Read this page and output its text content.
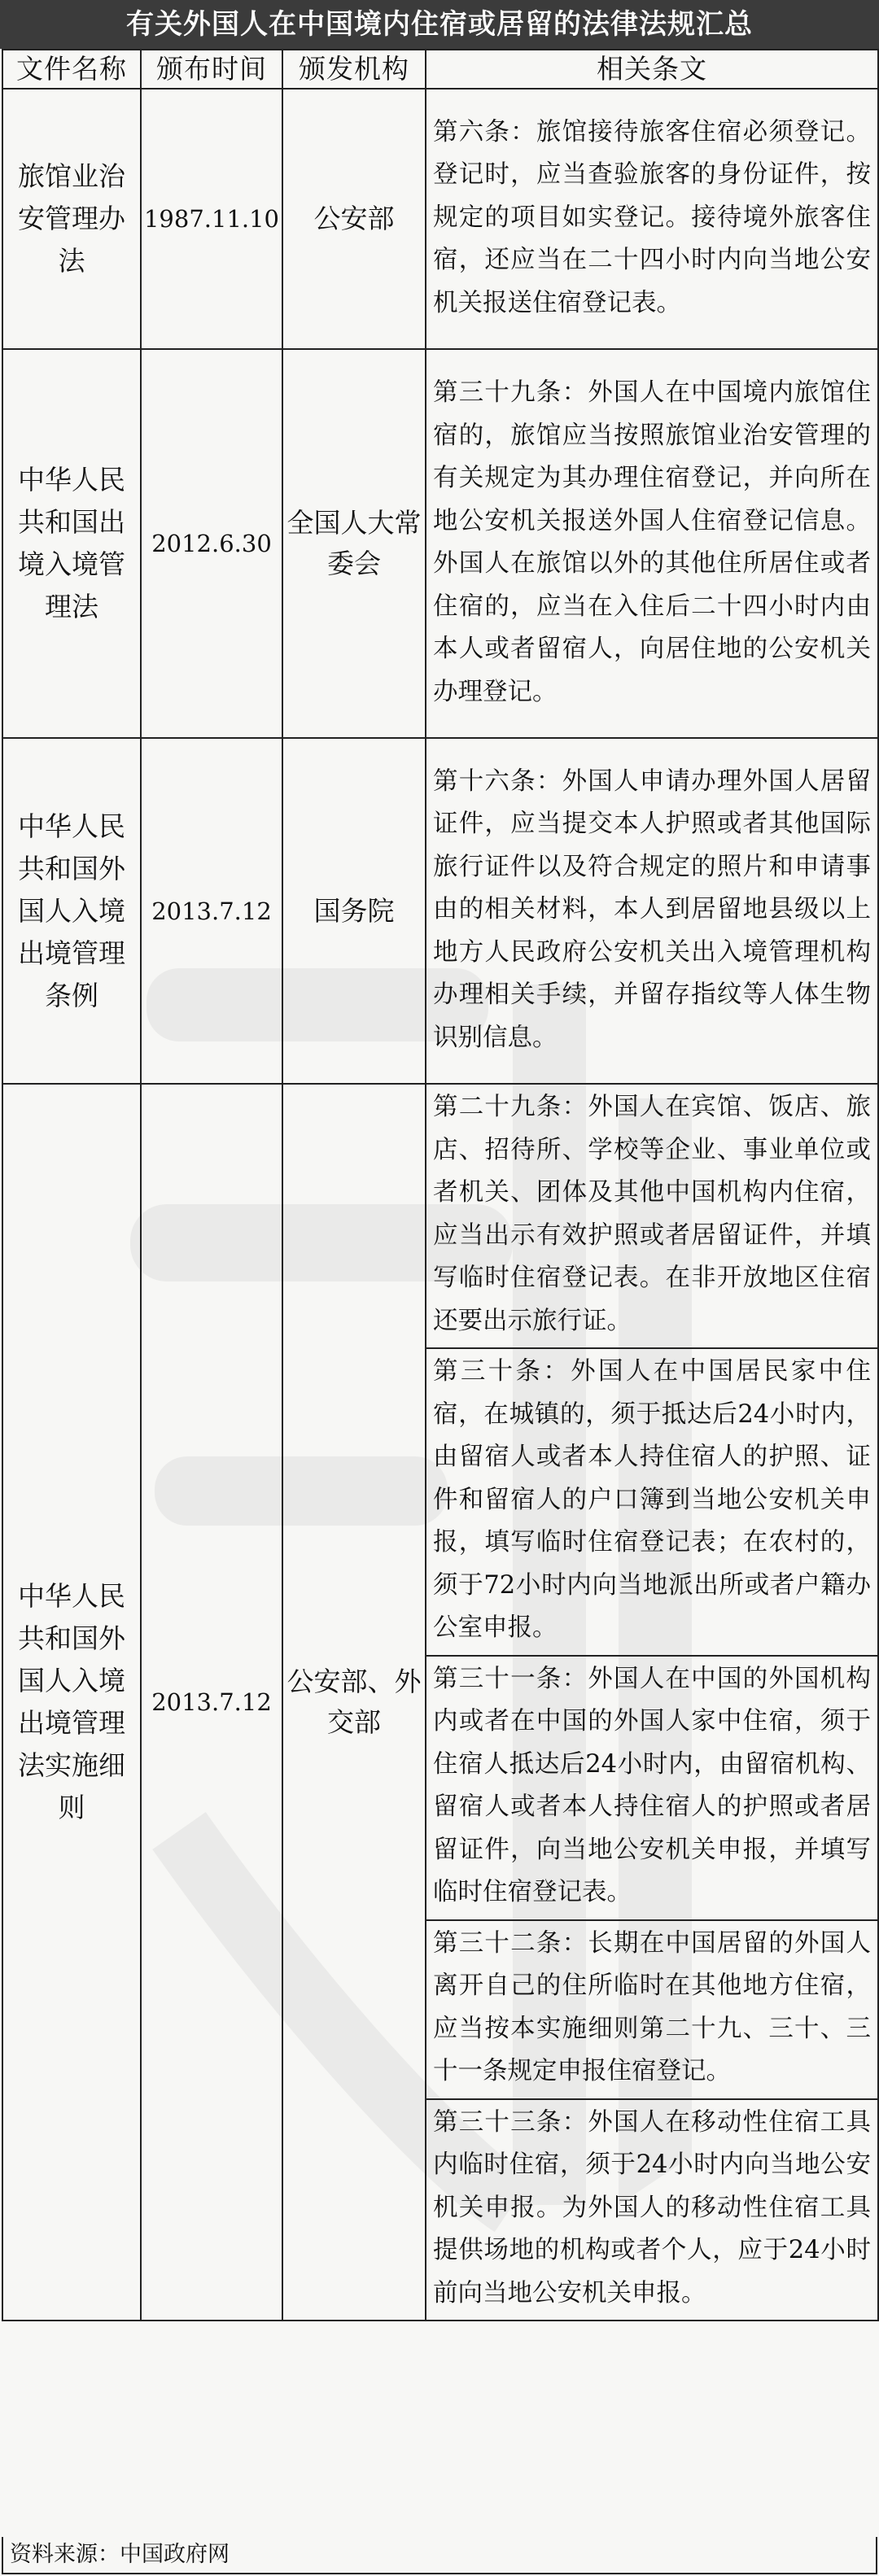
有关外国人在中国境内住宿或居留的法律法规汇总
文件名称	颁布时间	颁发机构	相关条文
旅馆业治安管理办法	1987.11.10	公安部	第六条：旅馆接待旅客住宿必须登记。登记时，应当查验旅客的身份证件，按规定的项目如实登记。接待境外旅客住宿，还应当在二十四小时内向当地公安机关报送住宿登记表。
中华人民共和国出境入境管理法	2012.6.30	全国人大常委会	第三十九条：外国人在中国境内旅馆住宿的，旅馆应当按照旅馆业治安管理的有关规定为其办理住宿登记，并向所在地公安机关报送外国人住宿登记信息。外国人在旅馆以外的其他住所居住或者住宿的，应当在入住后二十四小时内由本人或者留宿人，向居住地的公安机关办理登记。
中华人民共和国外国人入境出境管理条例	2013.7.12	国务院	第十六条：外国人申请办理外国人居留证件，应当提交本人护照或者其他国际旅行证件以及符合规定的照片和申请事由的相关材料，本人到居留地县级以上地方人民政府公安机关出入境管理机构办理相关手续，并留存指纹等人体生物识别信息。
中华人民共和国外国人入境出境管理法实施细则	2013.7.12	公安部、外交部	第二十九条：外国人在宾馆、饭店、旅店、招待所、学校等企业、事业单位或者机关、团体及其他中国机构内住宿，应当出示有效护照或者居留证件，并填写临时住宿登记表。在非开放地区住宿还要出示旅行证。
第三十条：外国人在中国居民家中住宿，在城镇的，须于抵达后24小时内，由留宿人或者本人持住宿人的护照、证件和留宿人的户口簿到当地公安机关申报，填写临时住宿登记表；在农村的，须于72小时内向当地派出所或者户籍办公室申报。
第三十一条：外国人在中国的外国机构内或者在中国的外国人家中住宿，须于住宿人抵达后24小时内，由留宿机构、留宿人或者本人持住宿人的护照或者居留证件，向当地公安机关申报，并填写临时住宿登记表。
第三十二条：长期在中国居留的外国人离开自己的住所临时在其他地方住宿，应当按本实施细则第二十九、三十、三十一条规定申报住宿登记。
第三十三条：外国人在移动性住宿工具内临时住宿，须于24小时内向当地公安机关申报。为外国人的移动性住宿工具提供场地的机构或者个人，应于24小时前向当地公安机关申报。
资料来源：中国政府网
